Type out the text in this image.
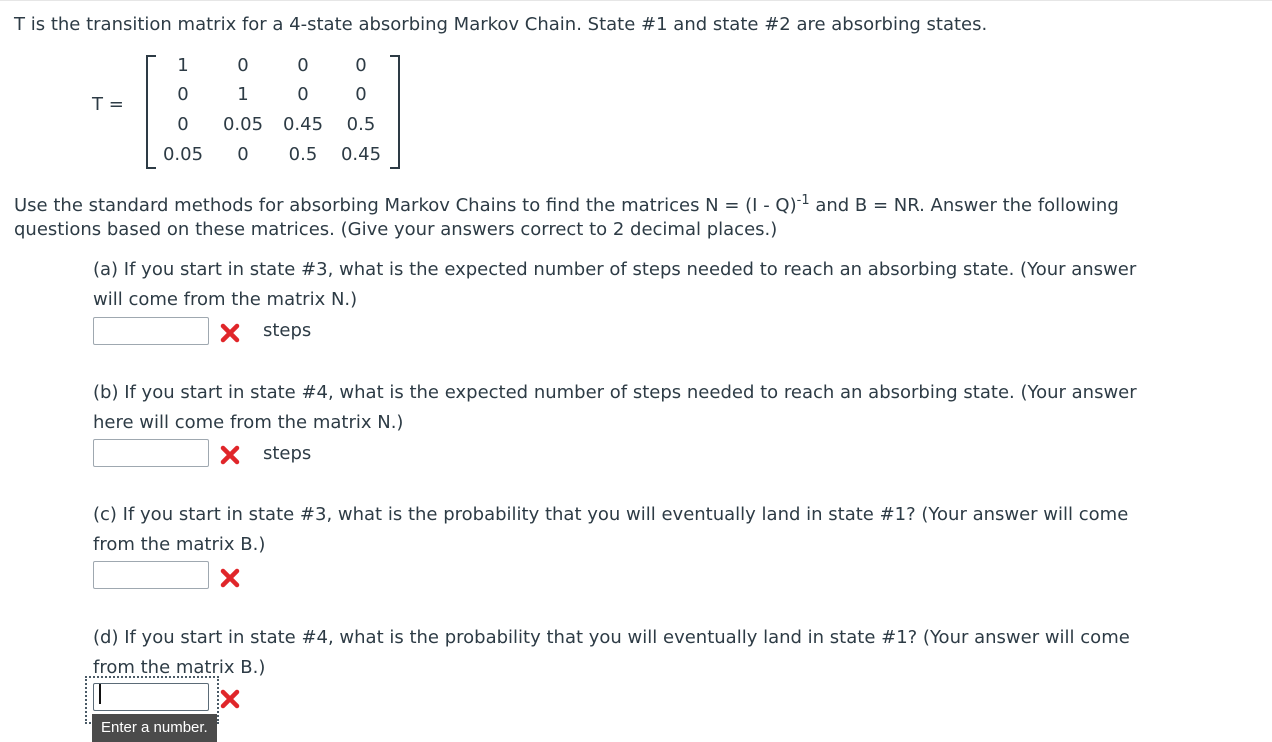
T is the transition matrix for a 4-state absorbing Markov Chain. State #1 and state #2 are absorbing states.
T =
1	0	0	0
0	1	0	0
0	0.05	0.45	0.5
0.05	0	0.5	0.45
Use the standard methods for absorbing Markov Chains to find the matrices N = (I - Q)$^{-1}$ and B = NR. Answer the following
questions based on these matrices. (Give your answers correct to 2 decimal places.)
(a) If you start in state #3, what is the expected number of steps needed to reach an absorbing state. (Your answer
will come from the matrix N.)
steps
(b) If you start in state #4, what is the expected number of steps needed to reach an absorbing state. (Your answer
here will come from the matrix N.)
steps
(c) If you start in state #3, what is the probability that you will eventually land in state #1? (Your answer will come
from the matrix B.)
(d) If you start in state #4, what is the probability that you will eventually land in state #1? (Your answer will come
from the matrix B.)
Enter a number.
